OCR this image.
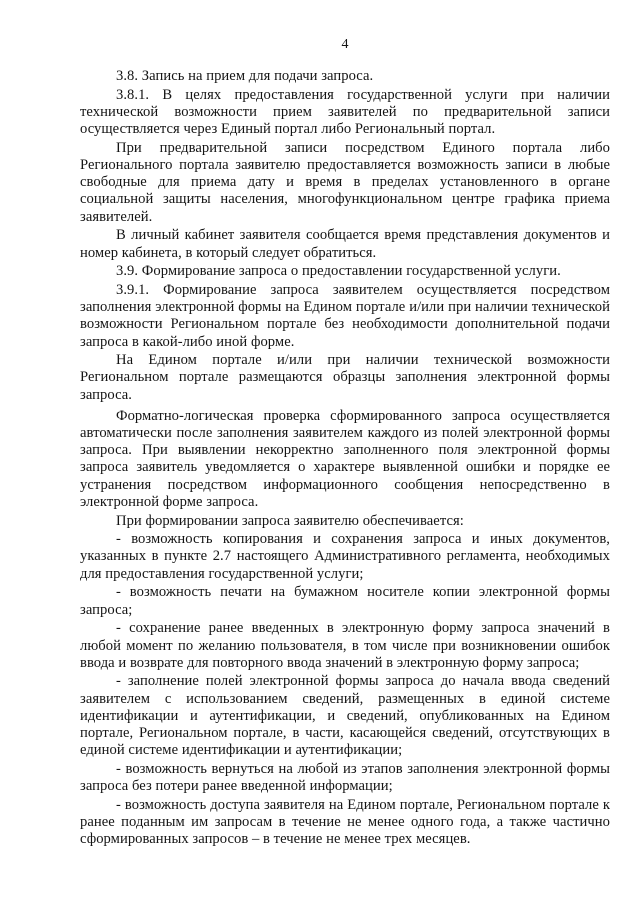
4

3.8. Запись на прием для подачи запроса.

3.8.1. В целях предоставления государственной услуги при наличии технической возможности прием заявителей по предварительной записи осуществляется через Единый портал либо Региональный портал.

При предварительной записи посредством Единого портала либо Регионального портала заявителю предоставляется возможность записи в любые свободные для приема дату и время в пределах установленного в органе социальной защиты населения, многофункциональном центре графика приема заявителей.

В личный кабинет заявителя сообщается время представления документов и номер кабинета, в который следует обратиться.

3.9. Формирование запроса о предоставлении государственной услуги.

3.9.1. Формирование запроса заявителем осуществляется посредством заполнения электронной формы на Едином портале и/или при наличии технической возможности Региональном портале без необходимости дополнительной подачи запроса в какой-либо иной форме.

На Едином портале и/или при наличии технической возможности Региональном портале размещаются образцы заполнения электронной формы запроса.

Форматно-логическая проверка сформированного запроса осуществляется автоматически после заполнения заявителем каждого из полей электронной формы запроса. При выявлении некорректно заполненного поля электронной формы запроса заявитель уведомляется о характере выявленной ошибки и порядке ее устранения посредством информационного сообщения непосредственно в электронной форме запроса.

При формировании запроса заявителю обеспечивается:

- возможность копирования и сохранения запроса и иных документов, указанных в пункте 2.7 настоящего Административного регламента, необходимых для предоставления государственной услуги;

- возможность печати на бумажном носителе копии электронной формы запроса;

- сохранение ранее введенных в электронную форму запроса значений в любой момент по желанию пользователя, в том числе при возникновении ошибок ввода и возврате для повторного ввода значений в электронную форму запроса;

- заполнение полей электронной формы запроса до начала ввода сведений заявителем с использованием сведений, размещенных в единой системе идентификации и аутентификации, и сведений, опубликованных на Едином портале, Региональном портале, в части, касающейся сведений, отсутствующих в единой системе идентификации и аутентификации;

- возможность вернуться на любой из этапов заполнения электронной формы запроса без потери ранее введенной информации;

- возможность доступа заявителя на Едином портале, Региональном портале к ранее поданным им запросам в течение не менее одного года, а также частично сформированных запросов – в течение не менее трех месяцев.
